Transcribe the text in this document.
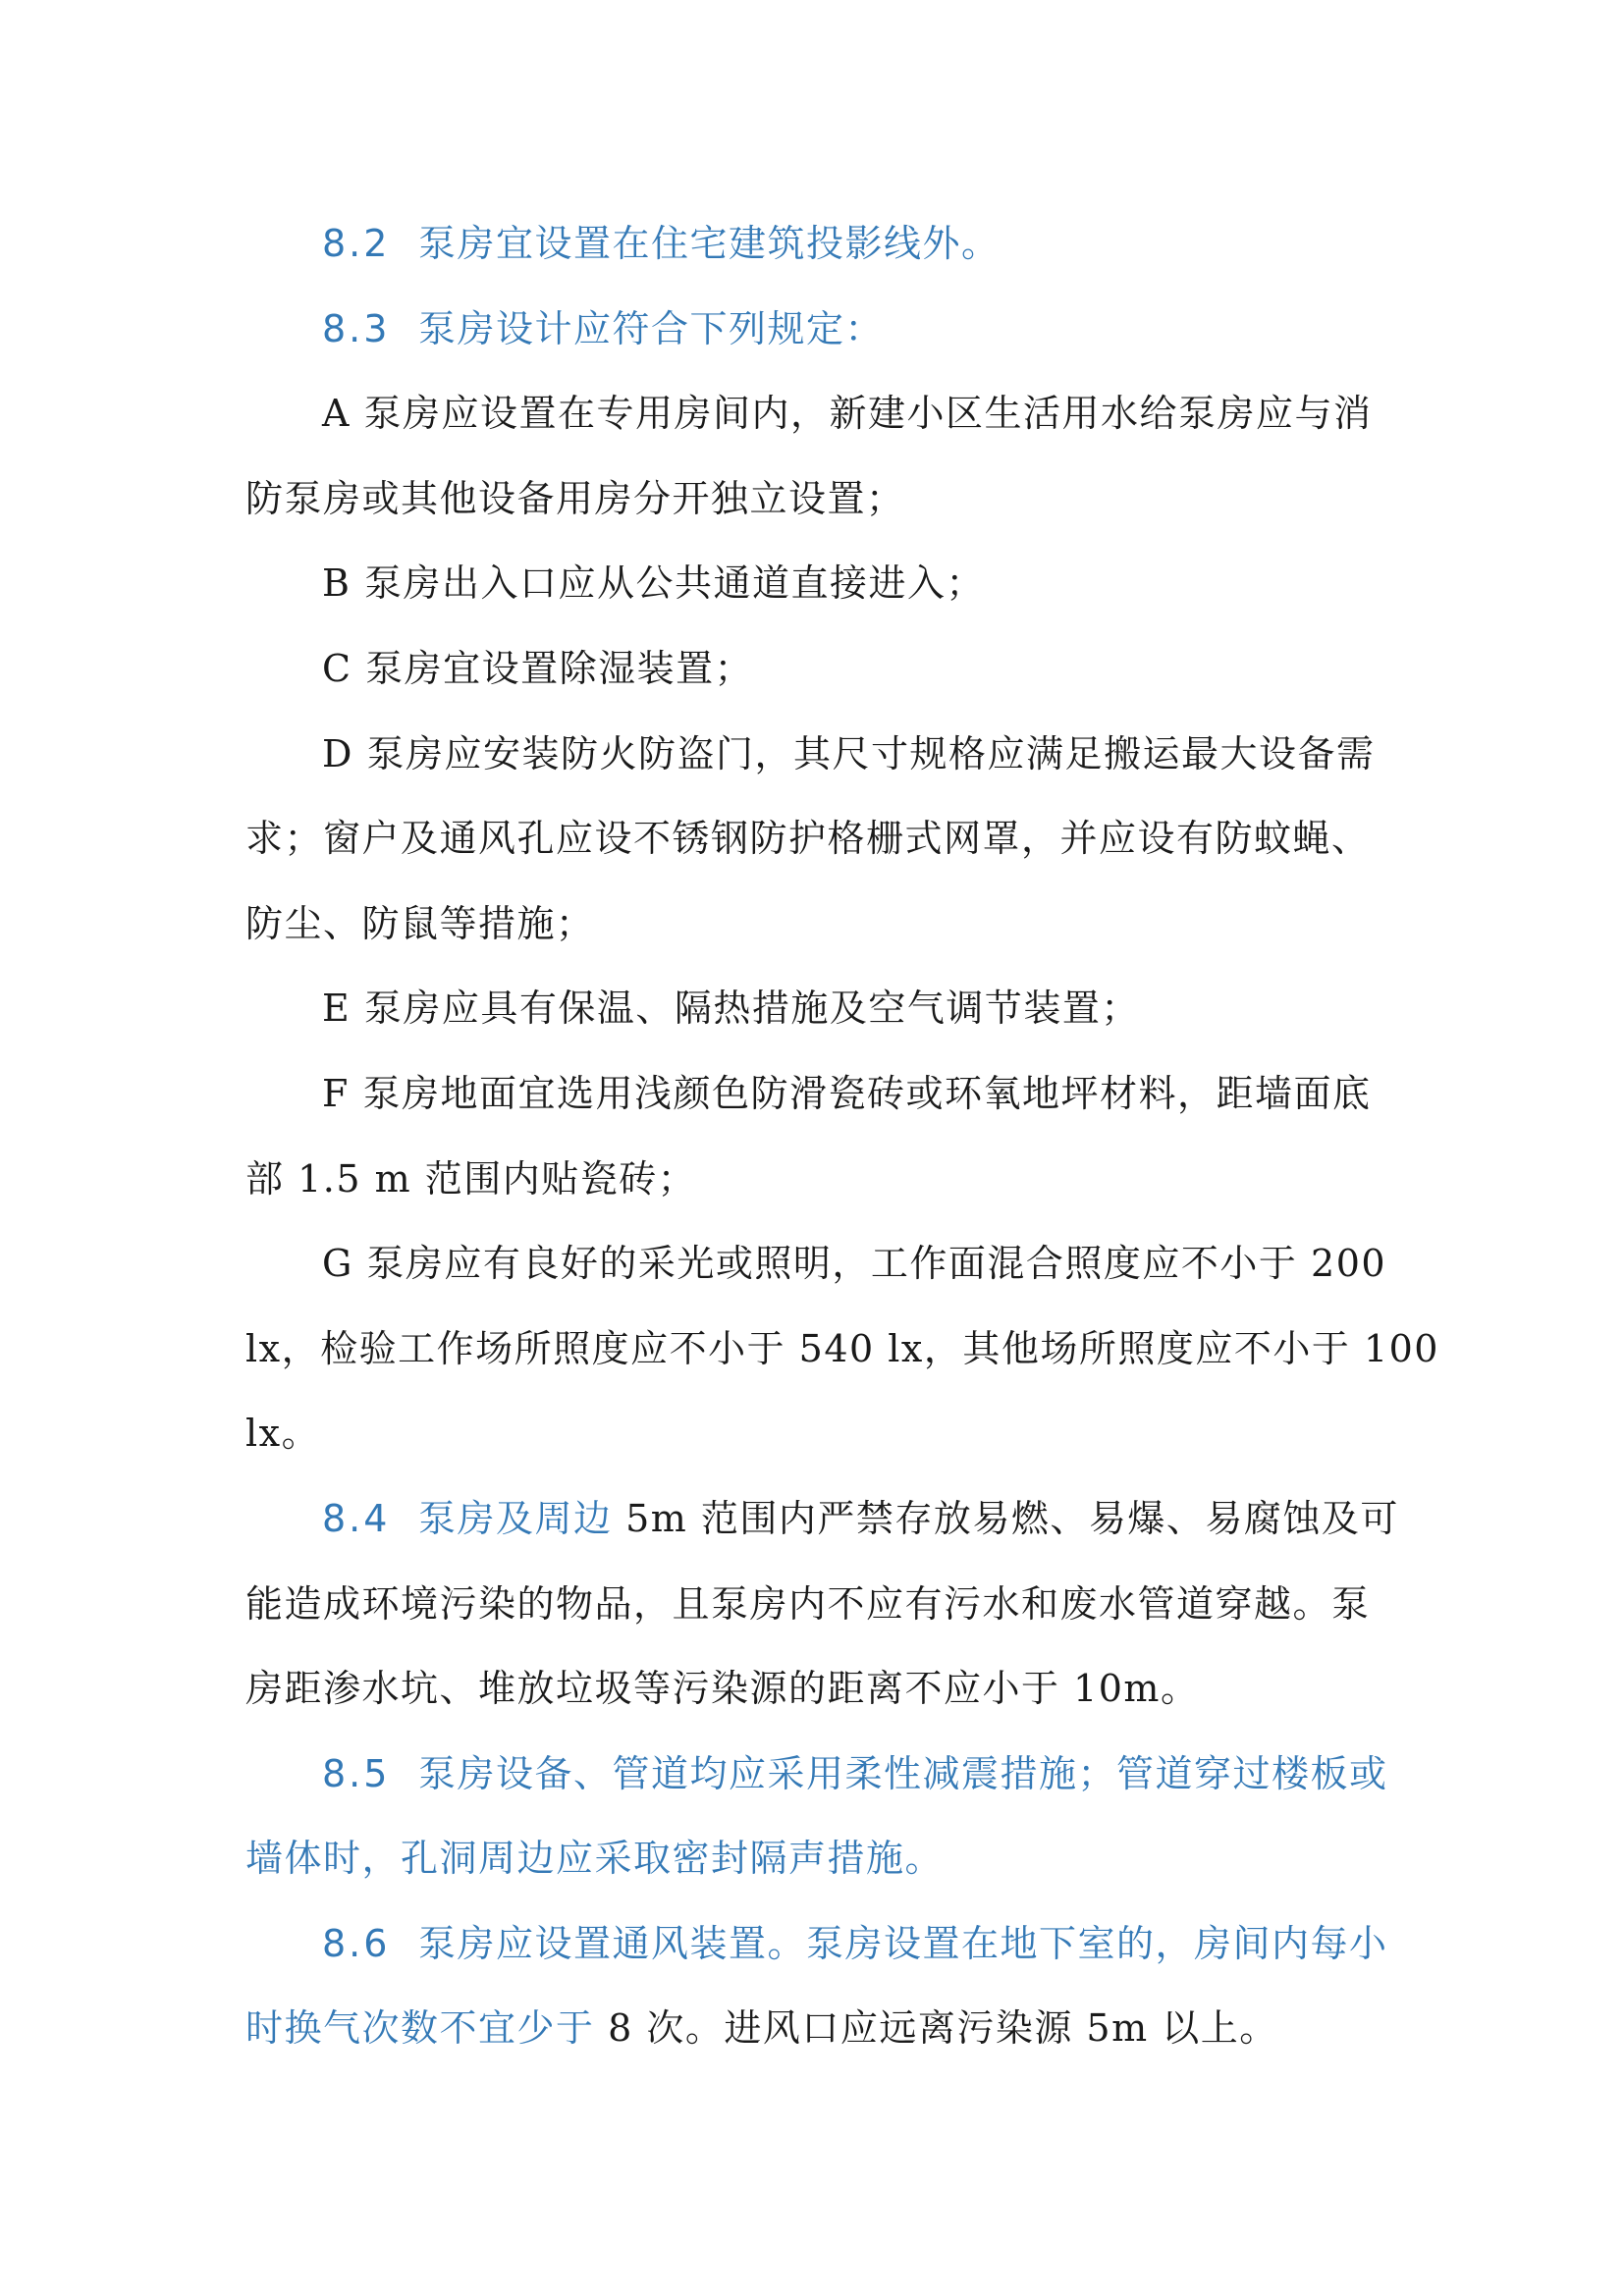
8.2 泵房宜设置在住宅建筑投影线外。
8.3 泵房设计应符合下列规定：
A 泵房应设置在专用房间内，新建小区生活用水给泵房应与消
防泵房或其他设备用房分开独立设置；
B 泵房出入口应从公共通道直接进入；
C 泵房宜设置除湿装置；
D 泵房应安装防火防盗门，其尺寸规格应满足搬运最大设备需
求；窗户及通风孔应设不锈钢防护格栅式网罩，并应设有防蚊蝇、
防尘、防鼠等措施；
E 泵房应具有保温、隔热措施及空气调节装置；
F 泵房地面宜选用浅颜色防滑瓷砖或环氧地坪材料，距墙面底
部 1.5 m 范围内贴瓷砖；
G 泵房应有良好的采光或照明，工作面混合照度应不小于 200
lx，检验工作场所照度应不小于 540 lx，其他场所照度应不小于 100
lx。
8.4 泵房及周边 5m 范围内严禁存放易燃、易爆、易腐蚀及可
能造成环境污染的物品，且泵房内不应有污水和废水管道穿越。泵
房距渗水坑、堆放垃圾等污染源的距离不应小于 10m。
8.5 泵房设备、管道均应采用柔性减震措施；管道穿过楼板或
墙体时，孔洞周边应采取密封隔声措施。
8.6 泵房应设置通风装置。泵房设置在地下室的，房间内每小
时换气次数不宜少于 8 次。进风口应远离污染源 5m 以上。
